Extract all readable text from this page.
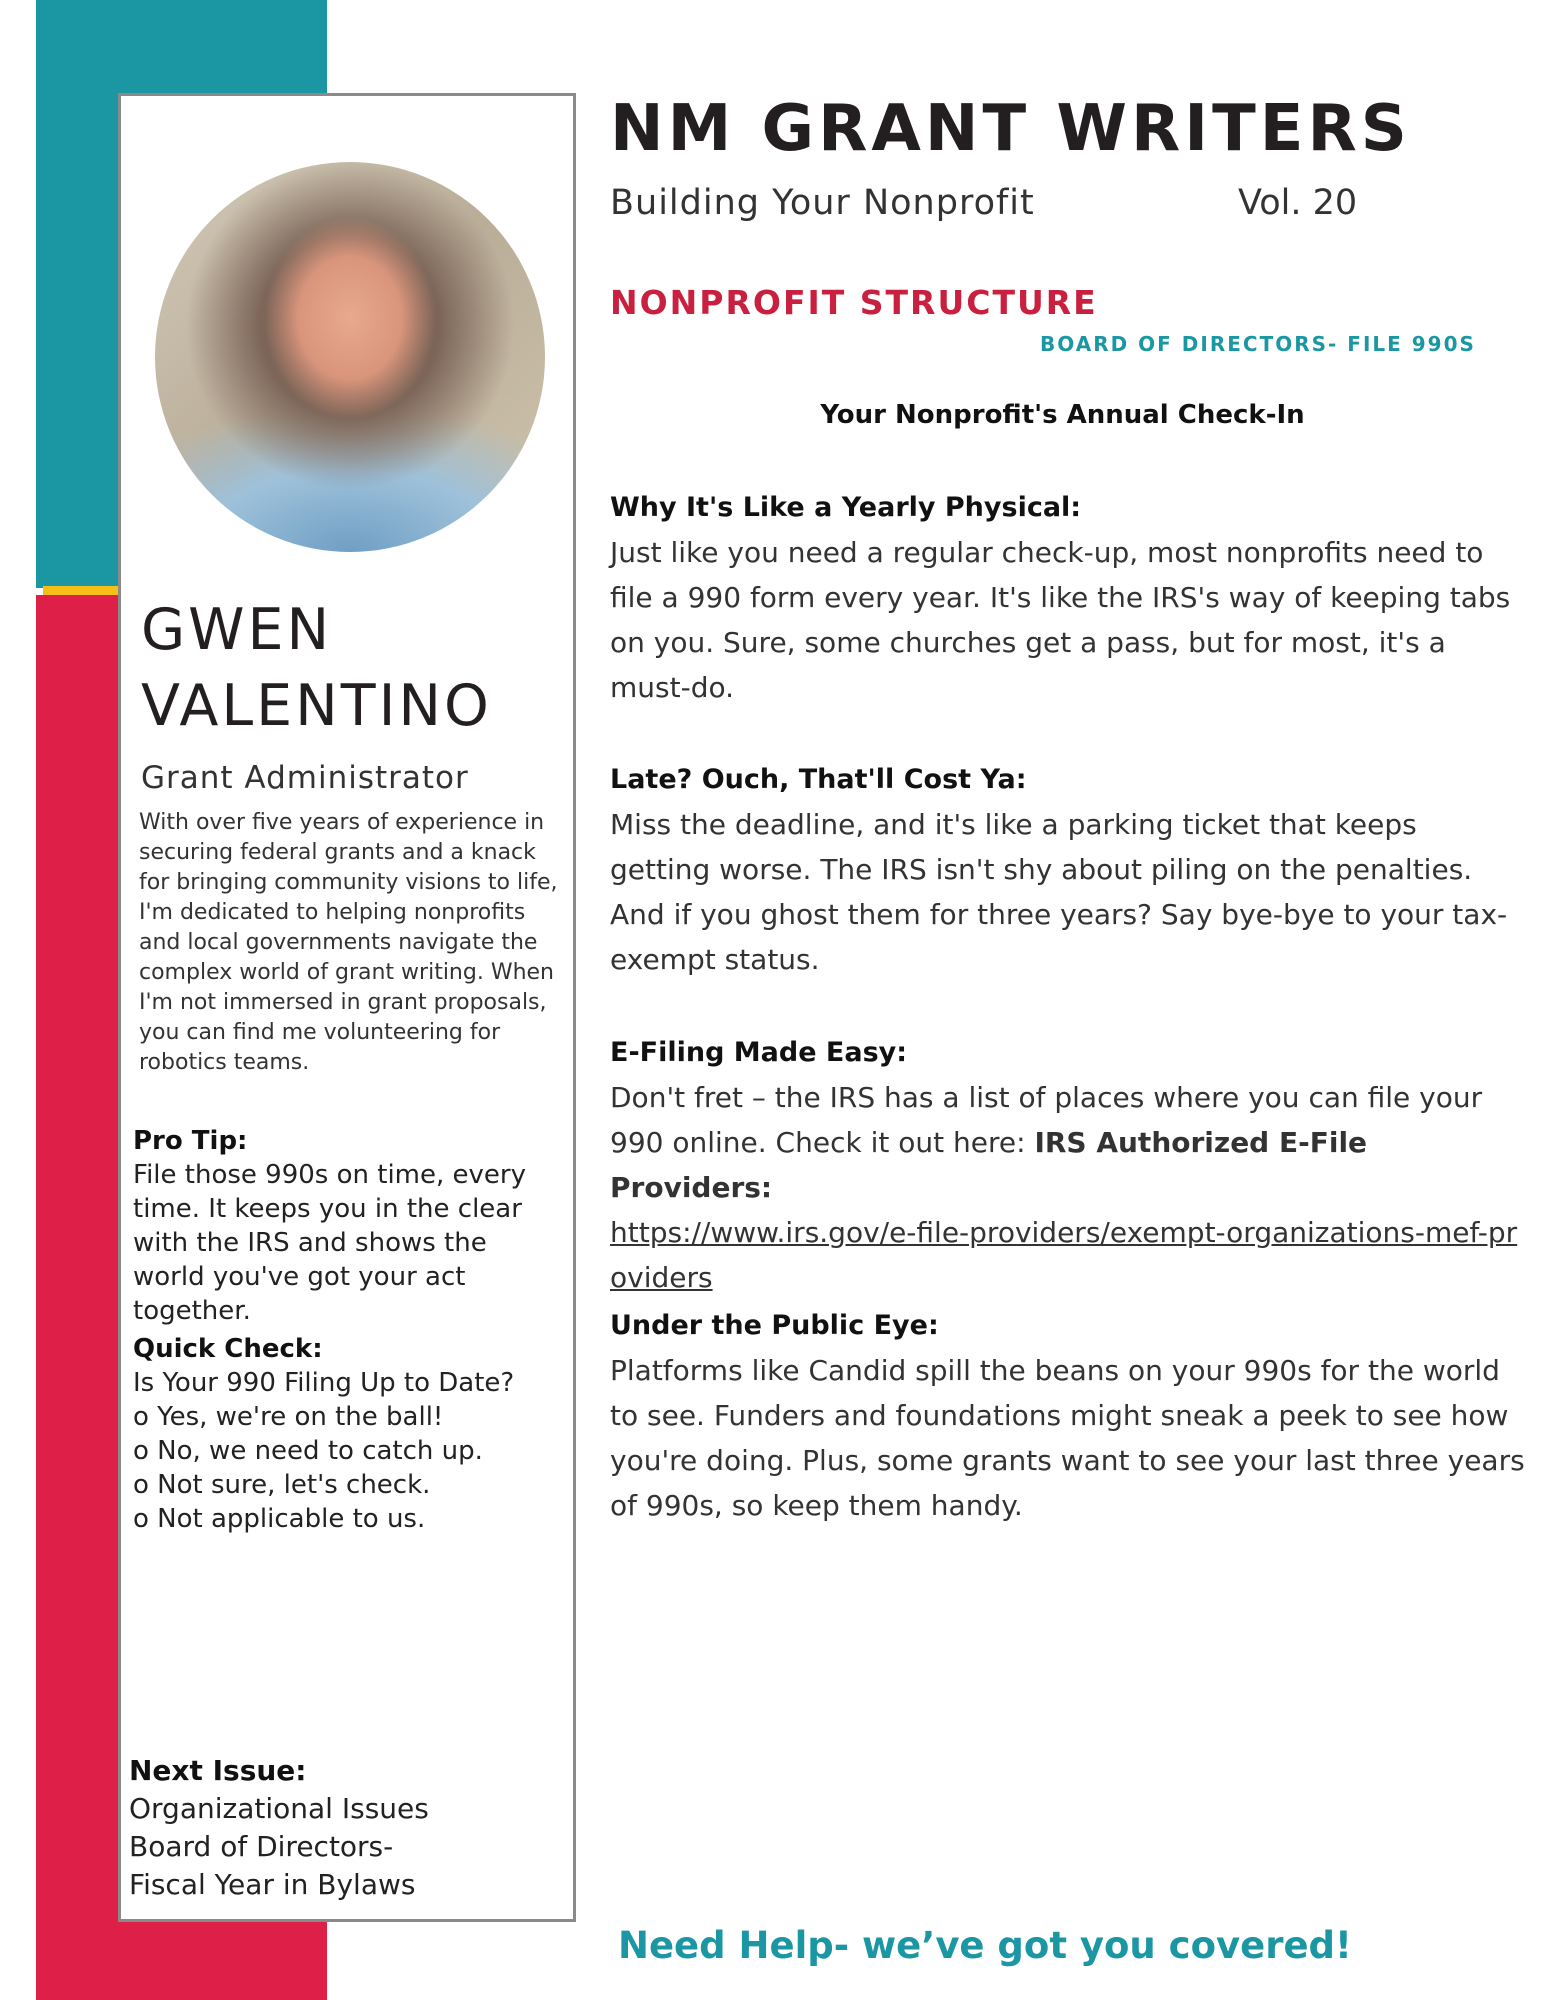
GWEN
VALENTINO
Grant Administrator
With over five years of experience in securing federal grants and a knack for bringing community visions to life, I'm dedicated to helping nonprofits and local governments navigate the complex world of grant writing. When I'm not immersed in grant proposals, you can find me volunteering for robotics teams.
Pro Tip:
File those 990s on time, every time. It keeps you in the clear with the IRS and shows the world you've got your act together.
Quick Check:
Is Your 990 Filing Up to Date?
o Yes, we're on the ball!
o No, we need to catch up.
o Not sure, let's check.
o Not applicable to us.
Next Issue:
Organizational Issues
Board of Directors-
Fiscal Year in Bylaws
NM GRANT WRITERS
Building Your Nonprofit	Vol. 20
NONPROFIT STRUCTURE
BOARD OF DIRECTORS- FILE 990S
Your Nonprofit's Annual Check-In
Why It's Like a Yearly Physical:
Just like you need a regular check-up, most nonprofits need to file a 990 form every year. It's like the IRS's way of keeping tabs on you. Sure, some churches get a pass, but for most, it's a must-do.
Late? Ouch, That'll Cost Ya:
Miss the deadline, and it's like a parking ticket that keeps getting worse. The IRS isn't shy about piling on the penalties. And if you ghost them for three years? Say bye-bye to your tax-exempt status.
E-Filing Made Easy:
Don't fret – the IRS has a list of places where you can file your 990 online. Check it out here: IRS Authorized E-File Providers:
https://www.irs.gov/e-file-providers/exempt-organizations-mef-providers
Under the Public Eye:
Platforms like Candid spill the beans on your 990s for the world to see. Funders and foundations might sneak a peek to see how you're doing. Plus, some grants want to see your last three years of 990s, so keep them handy.
Need Help- we’ve got you covered!
